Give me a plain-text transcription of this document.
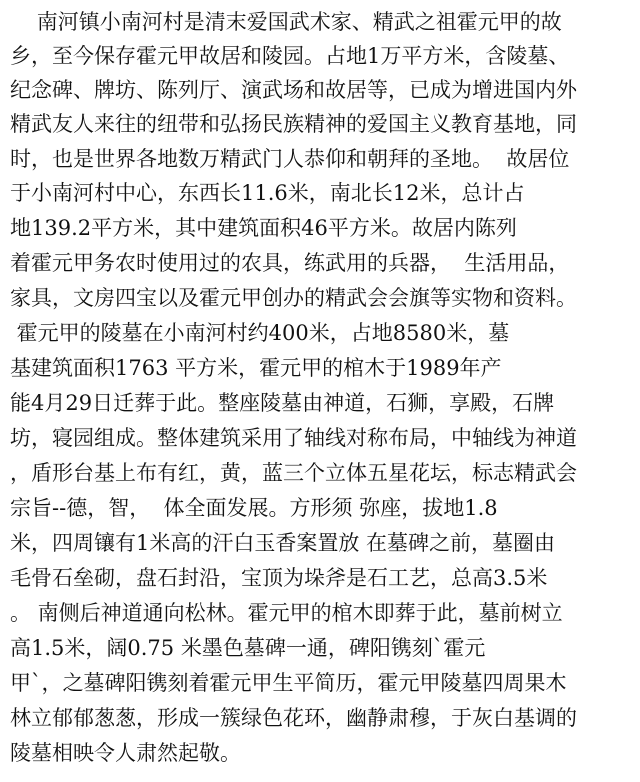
南河镇小南河村是清末爱国武术家、精武之祖霍元甲的故
乡，至今保存霍元甲故居和陵园。占地1万平方米，含陵墓、
纪念碑、牌坊、陈列厅、演武场和故居等，已成为增进国内外
精武友人来往的纽带和弘扬民族精神的爱国主义教育基地，同
时，也是世界各地数万精武门人恭仰和朝拜的圣地。  故居位
于小南河村中心，东西长11.6米，南北长12米，总计占
地139.2平方米，其中建筑面积46平方米。故居内陈列
着霍元甲务农时使用过的农具，练武用的兵器，  生活用品，
家具，文房四宝以及霍元甲创办的精武会会旗等实物和资料。
霍元甲的陵墓在小南河村约400米，占地8580米，墓
基建筑面积1763 平方米，霍元甲的棺木于1989年产
能4月29日迁葬于此。整座陵墓由神道，石狮，享殿，石牌
坊，寝园组成。整体建筑采用了轴线对称布局，中轴线为神道
，盾形台基上布有红，黄，蓝三个立体五星花坛，标志精武会
宗旨--德，智，  体全面发展。方形须 弥座，拔地1.8
米，四周镶有1米高的汗白玉香案置放 在墓碑之前，墓圈由
毛骨石垒砌，盘石封沿，宝顶为垛斧是石工艺，总高3.5米
。 南侧后神道通向松林。霍元甲的棺木即葬于此，墓前树立
高1.5米，阔0.75 米墨色墓碑一通，碑阳镌刻`霍元
甲`，之墓碑阳镌刻着霍元甲生平简历，霍元甲陵墓四周果木
林立郁郁葱葱，形成一簇绿色花环，幽静肃穆，于灰白基调的
陵墓相映令人肃然起敬。
